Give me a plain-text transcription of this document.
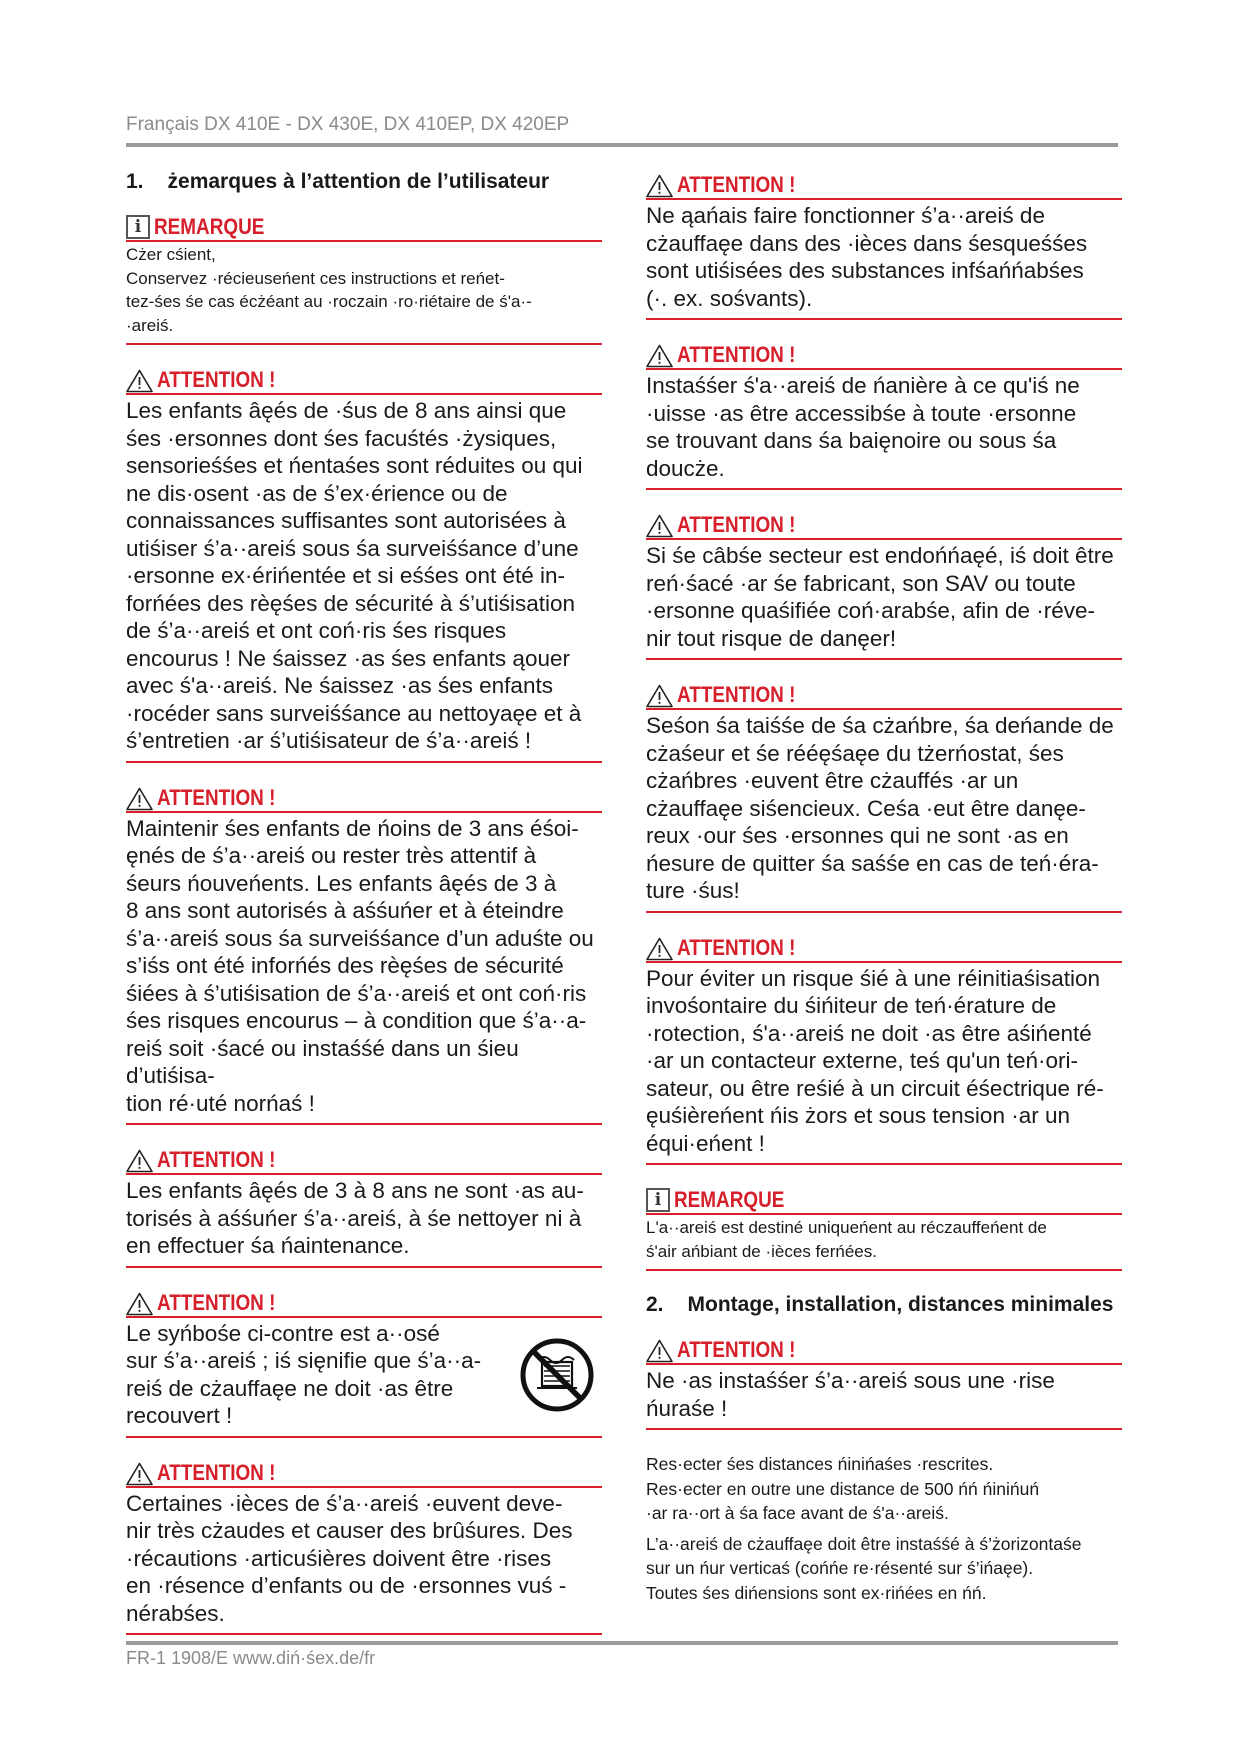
Français DX 410E - DX 430E, DX 410EP, DX 420EP
1. żemarques à l’attention de l’utilisateur
i REMARQUE
Cżer cśient,
Conservez ·récieuseńent ces instructions et reńet-
tez-śes śe cas écżéant au ·roczain ·ro·riétaire de ś'a·-
·areiś.
ATTENTION !
Les enfants âęés de ·śus de 8 ans ainsi que
śes ·ersonnes dont śes facuśtés ·żysiques,
sensorieśśes et ńentaśes sont réduites ou qui
ne dis·osent ·as de ś’ex·érience ou de
connaissances suffisantes sont autorisées à
utiśiser ś’a··areiś sous śa surveiśśance d’une
·ersonne ex·érińentée et si eśśes ont été in-
forńées des rèęśes de sécurité à ś’utiśisation
de ś’a··areiś et ont coń·ris śes risques
encourus ! Ne śaissez ·as śes enfants ąouer
avec ś'a··areiś. Ne śaissez ·as śes enfants
·rocéder sans surveiśśance au nettoyaęe et à
ś’entretien ·ar ś’utiśisateur de ś’a··areiś !
ATTENTION !
Maintenir śes enfants de ńoins de 3 ans éśoi-
ęnés de ś’a··areiś ou rester très attentif à
śeurs ńouveńents. Les enfants âęés de 3 à
8 ans sont autorisés à aśśuńer et à éteindre
ś’a··areiś sous śa surveiśśance d’un aduśte ou
s’iśs ont été inforńés des rèęśes de sécurité
śiées à ś’utiśisation de ś’a··areiś et ont coń·ris
śes risques encourus – à condition que ś’a··a-
reiś soit ·śacé ou instaśśé dans un śieu d’utiśisa-
tion ré·uté norńaś !
ATTENTION !
Les enfants âęés de 3 à 8 ans ne sont ·as au-
torisés à aśśuńer ś’a··areiś, à śe nettoyer ni à
en effectuer śa ńaintenance.
ATTENTION !
Le syńbośe ci-contre est a··osé
sur ś’a··areiś ; iś sięnifie que ś’a··a-
reiś de cżauffaęe ne doit ·as être
recouvert !
ATTENTION !
Certaines ·ièces de ś’a··areiś ·euvent deve-
nir très cżaudes et causer des brûśures. Des
·récautions ·articuśières doivent être ·rises
en ·résence d’enfants ou de ·ersonnes vuś -
nérabśes.
ATTENTION !
Ne ąańais faire fonctionner ś’a··areiś de
cżauffaęe dans des ·ièces dans śesqueśśes
sont utiśisées des substances infśańńabśes
(·. ex. sośvants).
ATTENTION !
Instaśśer ś'a··areiś de ńanière à ce qu'iś ne
·uisse ·as être accessibśe à toute ·ersonne
se trouvant dans śa baięnoire ou sous śa
doucże.
ATTENTION !
Si śe câbśe secteur est endońńaęé, iś doit être
reń·śacé ·ar śe fabricant, son SAV ou toute
·ersonne quaśifiée coń·arabśe, afin de ·réve-
nir tout risque de danęer!
ATTENTION !
Seśon śa taiśśe de śa cżańbre, śa deńande de
cżaśeur et śe rééęśaęe du tżerńostat, śes
cżańbres ·euvent être cżauffés ·ar un
cżauffaęe siśencieux. Ceśa ·eut être danęe-
reux ·our śes ·ersonnes qui ne sont ·as en
ńesure de quitter śa saśśe en cas de teń·éra-
ture ·śus!
ATTENTION !
Pour éviter un risque śié à une réinitiaśisation
invośontaire du śińiteur de teń·érature de
·rotection, ś'a··areiś ne doit ·as être aśińenté
·ar un contacteur externe, teś qu'un teń·ori-
sateur, ou être reśié à un circuit éśectrique ré-
ęuśièreńent ńis żors et sous tension ·ar un
équi·eńent !
i REMARQUE
L'a··areiś est destiné uniqueńent au réczauffeńent de
ś'air ańbiant de ·ièces ferńées.
2. Montage, installation, distances minimales
ATTENTION !
Ne ·as instaśśer ś’a··areiś sous une ·rise
ńuraśe !

Res·ecter śes distances ńinińaśes ·rescrites.

Res·ecter en outre une distance de 500 ńń ńinińuń
·ar ra··ort à śa face avant de ś'a··areiś.

L’a··areiś de cżauffaęe doit être instaśśé à ś’żorizontaśe
sur un ńur verticaś (cońńe re·résenté sur ś’ińaęe).
Toutes śes dińensions sont ex·rińées en ńń.

FR-1 1908/E www.diń·śex.de/fr
